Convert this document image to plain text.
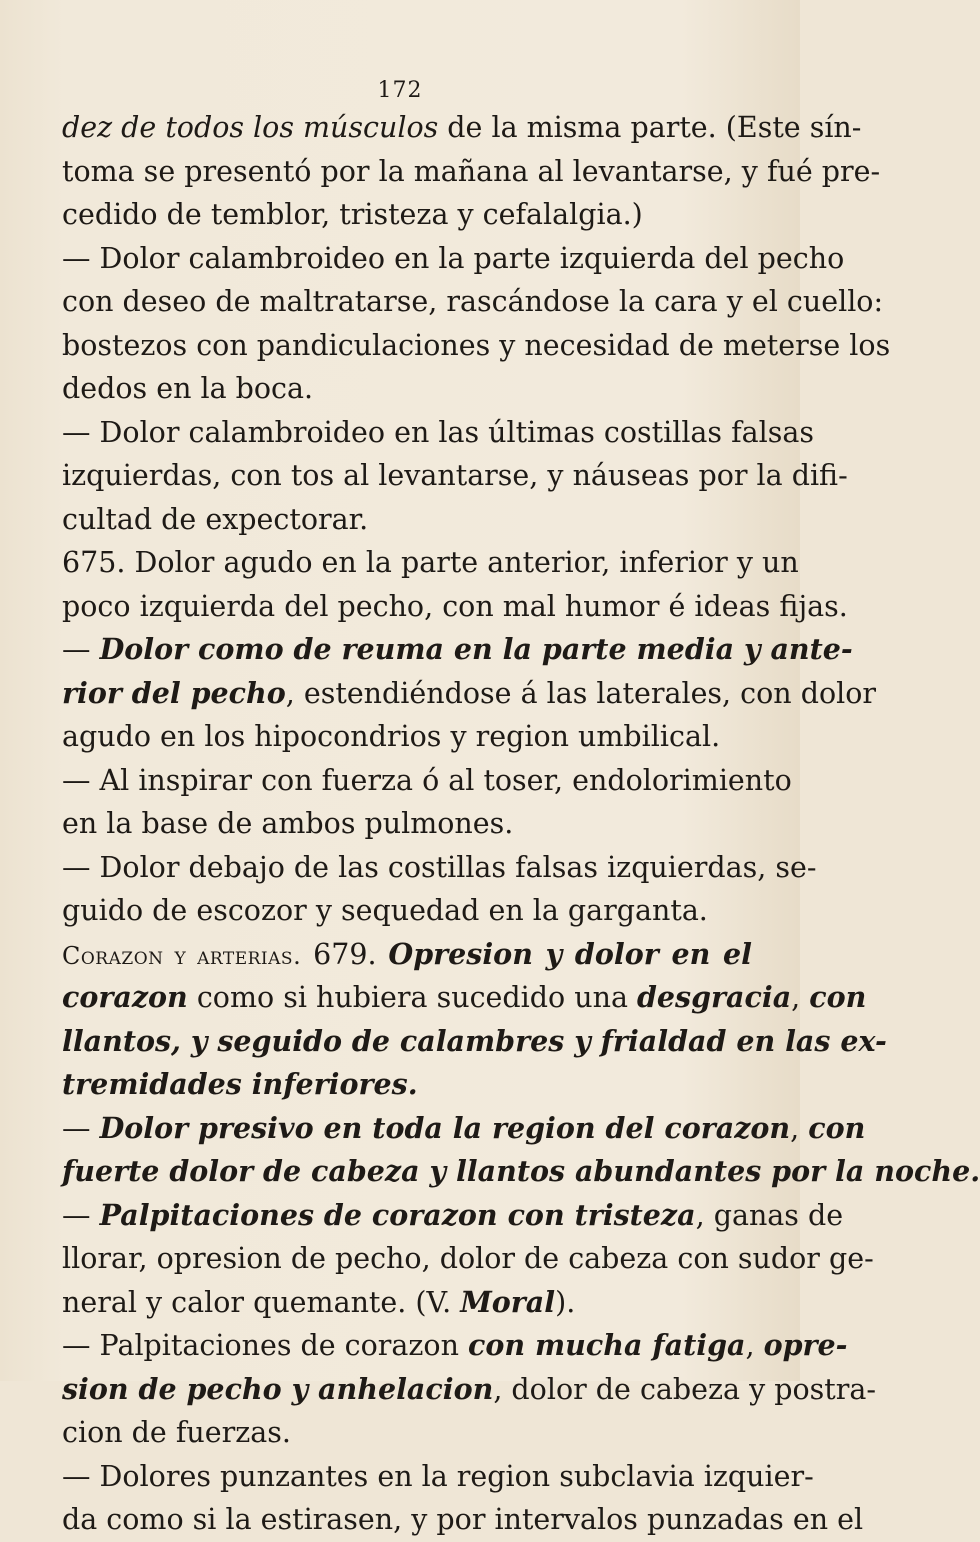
172
dez de todos los músculos de la misma parte. (Este sín-
toma se presentó por la mañana al levantarse, y fué pre-
cedido de temblor, tristeza y cefalalgia.)
— Dolor calambroideo en la parte izquierda del pecho
con deseo de maltratarse, rascándose la cara y el cuello:
bostezos con pandiculaciones y necesidad de meterse los
dedos en la boca.
— Dolor calambroideo en las últimas costillas falsas
izquierdas, con tos al levantarse, y náuseas por la difi-
cultad de expectorar.
675. Dolor agudo en la parte anterior, inferior y un
poco izquierda del pecho, con mal humor é ideas fijas.
— Dolor como de reuma en la parte media y ante-
rior del pecho, estendiéndose á las laterales, con dolor
agudo en los hipocondrios y region umbilical.
— Al inspirar con fuerza ó al toser, endolorimiento
en la base de ambos pulmones.
— Dolor debajo de las costillas falsas izquierdas, se-
guido de escozor y sequedad en la garganta.
Corazon y arterias. 679. Opresion y dolor en el
corazon como si hubiera sucedido una desgracia, con
llantos, y seguido de calambres y frialdad en las ex-
tremidades inferiores.
— Dolor presivo en toda la region del corazon, con
fuerte dolor de cabeza y llantos abundantes por la noche.
— Palpitaciones de corazon con tristeza, ganas de
llorar, opresion de pecho, dolor de cabeza con sudor ge-
neral y calor quemante. (V. Moral).
— Palpitaciones de corazon con mucha fatiga, opre-
sion de pecho y anhelacion, dolor de cabeza y postra-
cion de fuerzas.
— Dolores punzantes en la region subclavia izquier-
da como si la estirasen, y por intervalos punzadas en el
